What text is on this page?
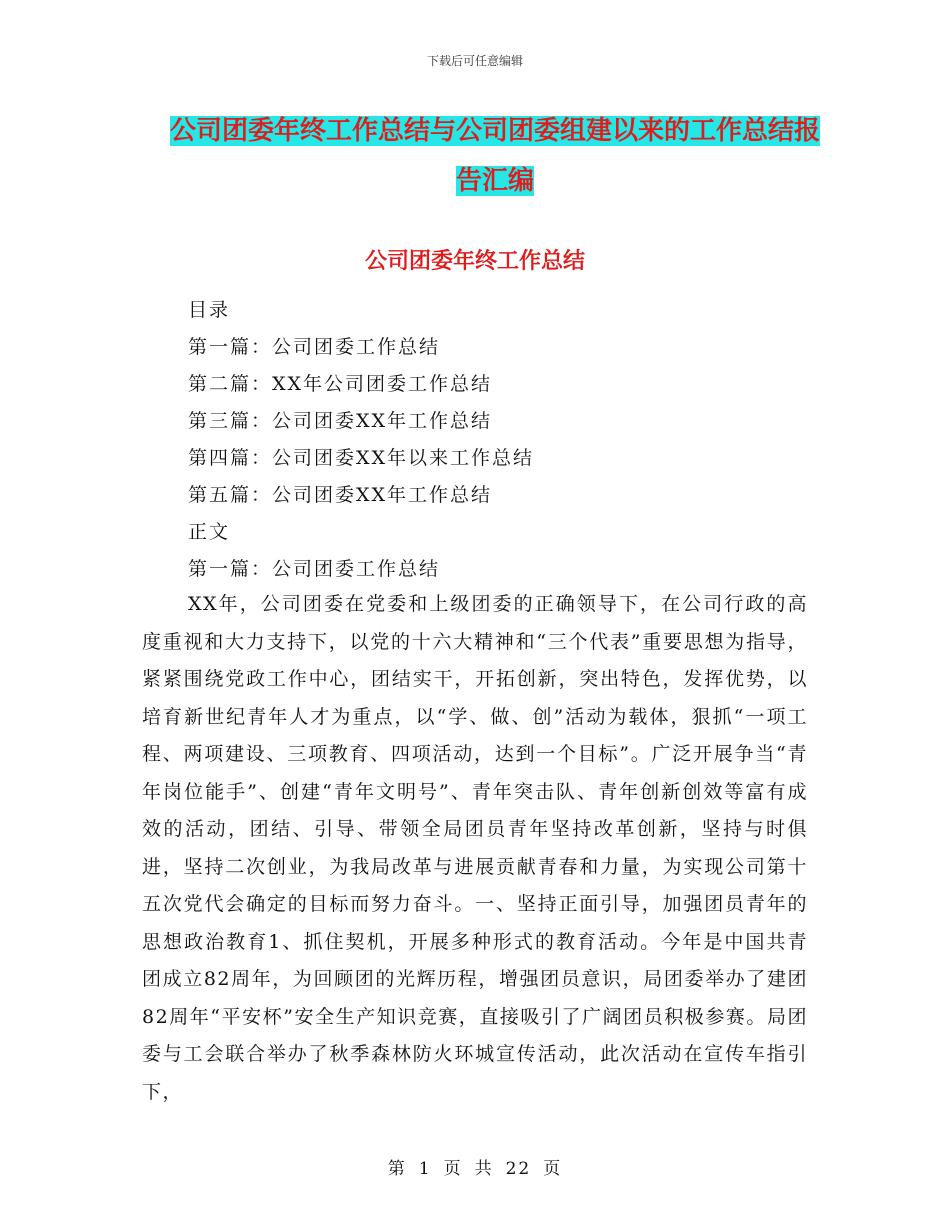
下载后可任意编辑
公司团委年终工作总结与公司团委组建以来的工作总结报告汇编
公司团委年终工作总结
目录
第一篇：公司团委工作总结
第二篇：XX年公司团委工作总结
第三篇：公司团委XX年工作总结
第四篇：公司团委XX年以来工作总结
第五篇：公司团委XX年工作总结
正文
第一篇：公司团委工作总结

XX年，公司团委在党委和上级团委的正确领导下，在公司行政的高度重视和大力支持下，以党的十六大精神和“三个代表”重要思想为指导，紧紧围绕党政工作中心，团结实干，开拓创新，突出特色，发挥优势，以培育新世纪青年人才为重点，以“学、做、创”活动为载体，狠抓“一项工程、两项建设、三项教育、四项活动，达到一个目标”。广泛开展争当“青年岗位能手”、创建“青年文明号”、青年突击队、青年创新创效等富有成效的活动，团结、引导、带领全局团员青年坚持改革创新，坚持与时俱进，坚持二次创业，为我局改革与进展贡献青春和力量，为实现公司第十五次党代会确定的目标而努力奋斗。一、坚持正面引导，加强团员青年的思想政治教育1、抓住契机，开展多种形式的教育活动。今年是中国共青团成立82周年，为回顾团的光辉历程，增强团员意识，局团委举办了建团82周年“平安杯”安全生产知识竞赛，直接吸引了广阔团员积极参赛。局团委与工会联合举办了秋季森林防火环城宣传活动，此次活动在宣传车指引下，

第 1 页 共 22 页
